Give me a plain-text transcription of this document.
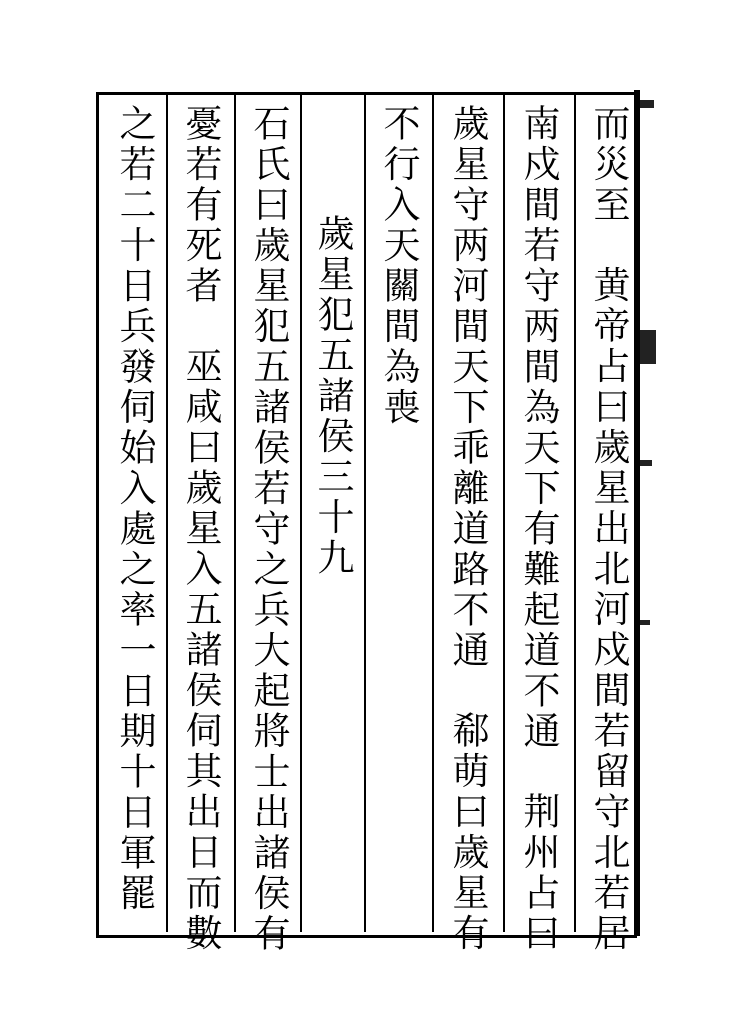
而災至黄帝占曰歲星出北河戍間若留守北若居
南戍間若守两間為天下有難起道不通荆州占曰
歲星守两河間天下乖離道路不通郗萌曰歲星有
不行入天關間為喪
歲星犯五諸侯三十九
石氏曰歲星犯五諸侯若守之兵大起將士出諸侯有
憂若有死者巫咸曰歲星入五諸侯伺其出日而數
之若二十日兵發伺始入處之率一日期十日軍罷
